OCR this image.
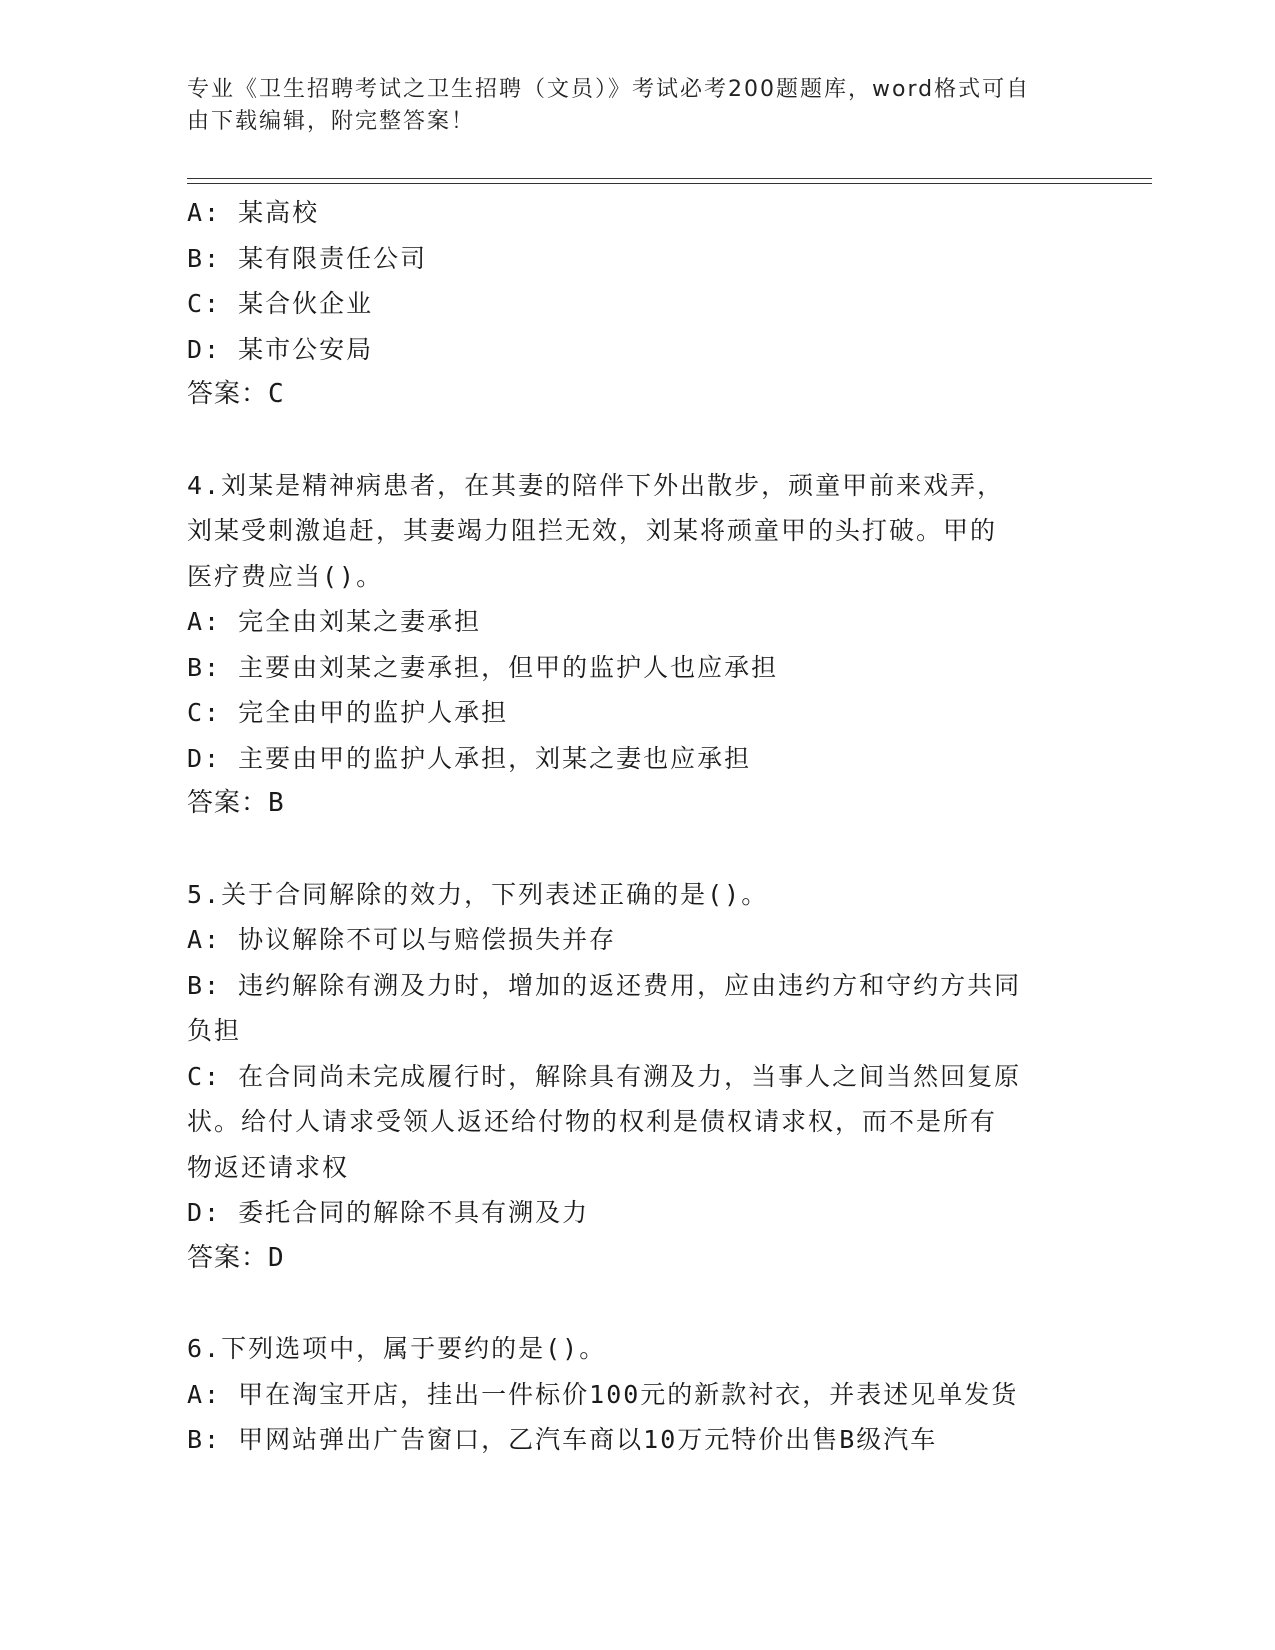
专业《卫生招聘考试之卫生招聘（文员）》考试必考200题题库，word格式可自
由下载编辑，附完整答案！
A: 某高校
B: 某有限责任公司
C: 某合伙企业
D: 某市公安局
答案：C
4.刘某是精神病患者，在其妻的陪伴下外出散步，顽童甲前来戏弄，
刘某受刺激追赶，其妻竭力阻拦无效，刘某将顽童甲的头打破。甲的
医疗费应当()。
A: 完全由刘某之妻承担
B: 主要由刘某之妻承担，但甲的监护人也应承担
C: 完全由甲的监护人承担
D: 主要由甲的监护人承担，刘某之妻也应承担
答案：B
5.关于合同解除的效力，下列表述正确的是()。
A: 协议解除不可以与赔偿损失并存
B: 违约解除有溯及力时，增加的返还费用，应由违约方和守约方共同
负担
C: 在合同尚未完成履行时，解除具有溯及力，当事人之间当然回复原
状。给付人请求受领人返还给付物的权利是债权请求权，而不是所有
物返还请求权
D: 委托合同的解除不具有溯及力
答案：D
6.下列选项中，属于要约的是()。
A: 甲在淘宝开店，挂出一件标价100元的新款衬衣，并表述见单发货
B: 甲网站弹出广告窗口，乙汽车商以10万元特价出售B级汽车
